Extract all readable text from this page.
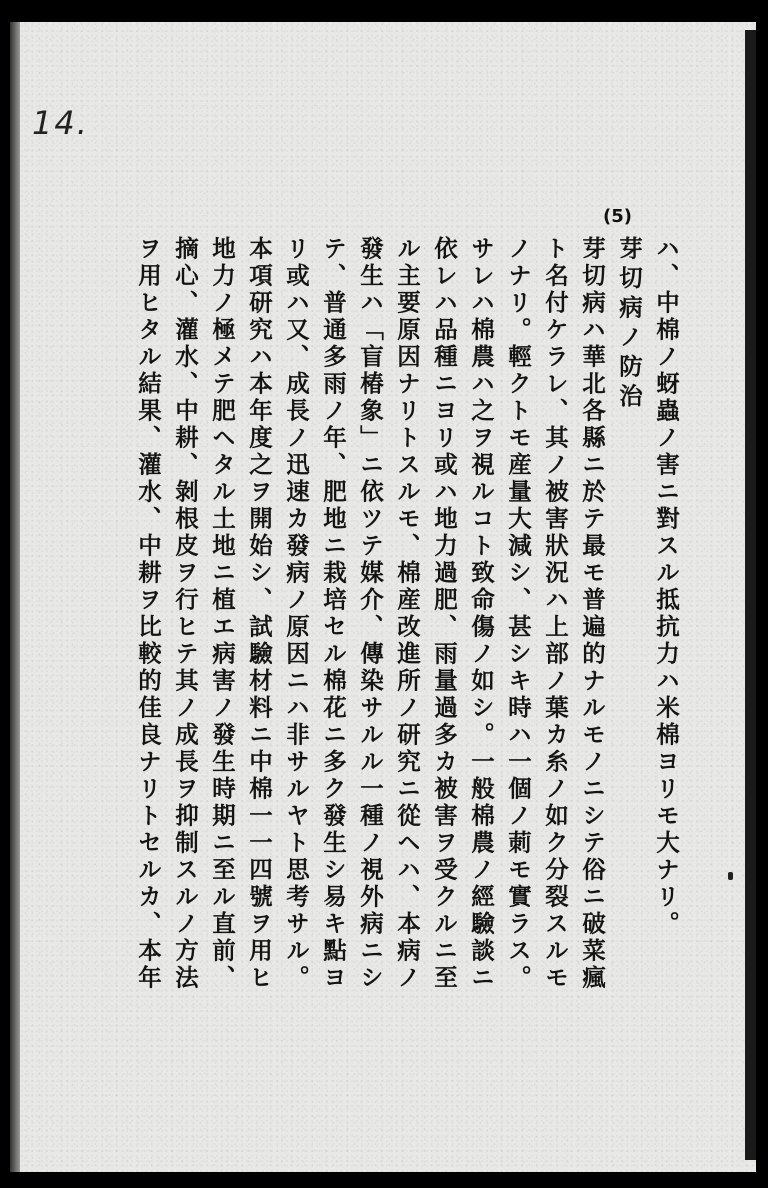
14.
(5)
ハ、中棉ノ蚜蟲ノ害ニ對スル抵抗力ハ米棉ヨリモ大ナリ。
芽切病ノ防治
芽切病ハ華北各縣ニ於テ最モ普遍的ナルモノニシテ俗ニ破菜瘋
ト名付ケラレ、其ノ被害狀況ハ上部ノ葉カ糸ノ如ク分裂スルモ
ノナリ。輕クトモ産量大減シ、甚シキ時ハ一個ノ莿モ實ラス。
サレハ棉農ハ之ヲ視ルコト致命傷ノ如シ。一般棉農ノ經驗談ニ
依レハ品種ニヨリ或ハ地力過肥、雨量過多カ被害ヲ受クルニ至
ル主要原因ナリトスルモ、棉産改進所ノ研究ニ從ヘハ、本病ノ
發生ハ「盲椿象」ニ依ツテ媒介、傳染サルル一種ノ視外病ニシ
テ、普通多雨ノ年、肥地ニ栽培セル棉花ニ多ク發生シ易キ點ヨ
リ或ハ又、成長ノ迅速カ發病ノ原因ニハ非サルヤト思考サル。
本項研究ハ本年度之ヲ開始シ、試驗材料ニ中棉一一四號ヲ用ヒ
地力ノ極メテ肥ヘタル土地ニ植エ病害ノ發生時期ニ至ル直前、
摘心、灌水、中耕、剝根皮ヲ行ヒテ其ノ成長ヲ抑制スルノ方法
ヲ用ヒタル結果、灌水、中耕ヲ比較的佳良ナリトセルカ、本年
